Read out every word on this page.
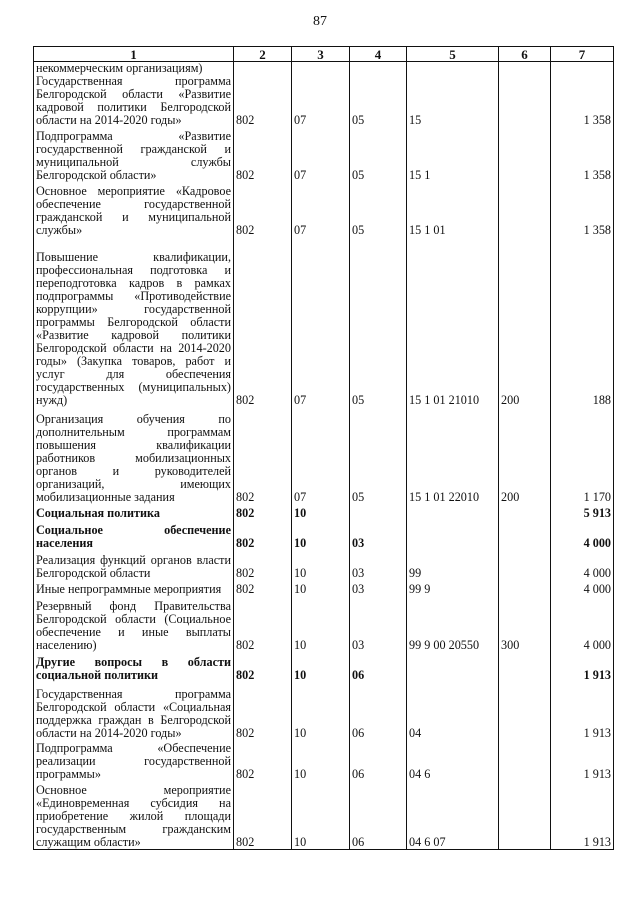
87
1	2	3	4	5	6	7
некоммерческим организациям)						
Государственная программа Белгородской области «Развитие кадровой политики Белгородской области на 2014-2020 годы»	802	07	05	15		1 358
Подпрограмма «Развитие государственной гражданской и муниципальной службы Белгородской области»	802	07	05	15 1		1 358
Основное мероприятие «Кадровое обеспечение государственной гражданской и муниципальной службы»	802	07	05	15 1 01		1 358
Повышение квалификации, профессиональная подготовка и переподготовка кадров в рамках подпрограммы «Противодействие коррупции» государственной программы Белгородской области «Развитие кадровой политики Белгородской области на 2014-2020 годы» (Закупка товаров, работ и услуг для обеспечения государственных (муниципальных) нужд)	802	07	05	15 1 01 21010	200	188
Организация обучения по дополнительным программам повышения квалификации работников мобилизационных органов и руководителей организаций, имеющих мобилизационные задания	802	07	05	15 1 01 22010	200	1 170
Социальная политика	802	10				5 913
Социальное обеспечение населения	802	10	03			4 000
Реализация функций органов власти Белгородской области	802	10	03	99		4 000
Иные непрограммные мероприятия	802	10	03	99 9		4 000
Резервный фонд Правительства Белгородской области (Социальное обеспечение и иные выплаты населению)	802	10	03	99 9 00 20550	300	4 000
Другие вопросы в области социальной политики	802	10	06			1 913
Государственная программа Белгородской области «Социальная поддержка граждан в Белгородской области на 2014-2020 годы»	802	10	06	04		1 913
Подпрограмма «Обеспечение реализации государственной программы»	802	10	06	04 6		1 913
Основное мероприятие «Единовременная субсидия на приобретение жилой площади государственным гражданским служащим области»	802	10	06	04 6 07		1 913
